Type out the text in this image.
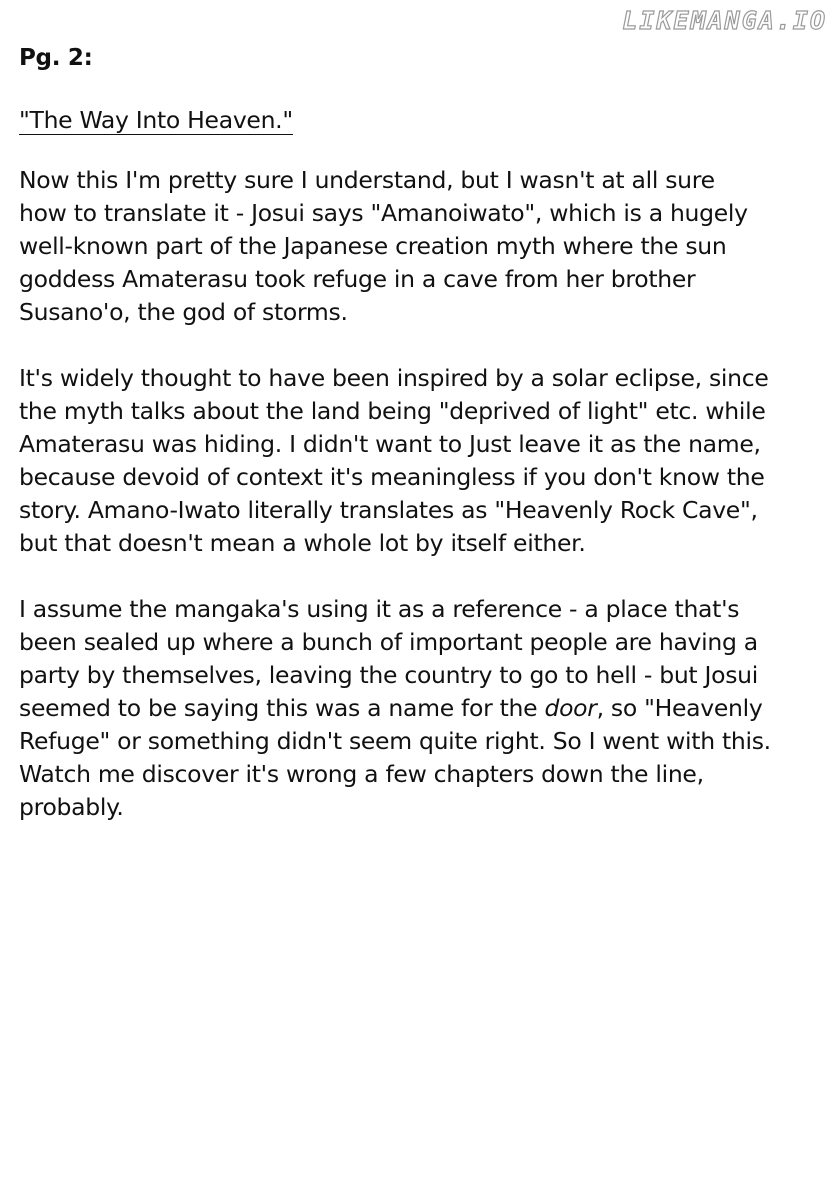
LIKEMANGA.IO
Pg. 2:
"The Way Into Heaven."
Now this I'm pretty sure I understand, but I wasn't at all sure
how to translate it - Josui says "Amanoiwato", which is a hugely
well-known part of the Japanese creation myth where the sun
goddess Amaterasu took refuge in a cave from her brother
Susano'o, the god of storms.
It's widely thought to have been inspired by a solar eclipse, since
the myth talks about the land being "deprived of light" etc. while
Amaterasu was hiding. I didn't want to Just leave it as the name,
because devoid of context it's meaningless if you don't know the
story. Amano-Iwato literally translates as "Heavenly Rock Cave",
but that doesn't mean a whole lot by itself either.
I assume the mangaka's using it as a reference - a place that's
been sealed up where a bunch of important people are having a
party by themselves, leaving the country to go to hell - but Josui
seemed to be saying this was a name for the door, so "Heavenly
Refuge" or something didn't seem quite right. So I went with this.
Watch me discover it's wrong a few chapters down the line,
probably.
